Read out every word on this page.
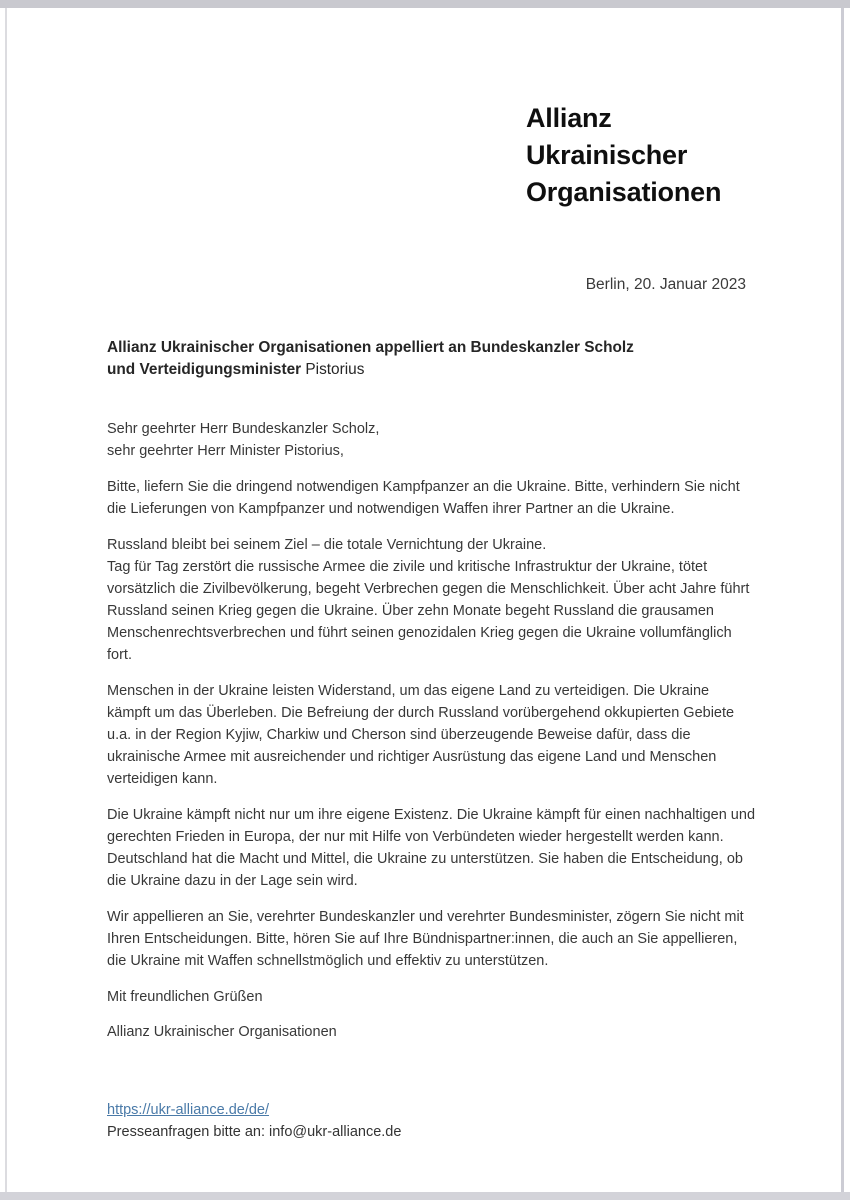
Allianz
Ukrainischer
Organisationen
Berlin, 20. Januar 2023
Allianz Ukrainischer Organisationen appelliert an Bundeskanzler Scholz
und Verteidigungsminister Pistorius
Sehr geehrter Herr Bundeskanzler Scholz,
sehr geehrter Herr Minister Pistorius,

Bitte, liefern Sie die dringend notwendigen Kampfpanzer an die Ukraine. Bitte, verhindern Sie nicht die Lieferungen von Kampfpanzer und notwendigen Waffen ihrer Partner an die Ukraine.

Russland bleibt bei seinem Ziel – die totale Vernichtung der Ukraine.
Tag für Tag zerstört die russische Armee die zivile und kritische Infrastruktur der Ukraine, tötet vorsätzlich die Zivilbevölkerung, begeht Verbrechen gegen die Menschlichkeit. Über acht Jahre führt Russland seinen Krieg gegen die Ukraine. Über zehn Monate begeht Russland die grausamen Menschenrechtsverbrechen und führt seinen genozidalen Krieg gegen die Ukraine vollumfänglich fort.

Menschen in der Ukraine leisten Widerstand, um das eigene Land zu verteidigen. Die Ukraine kämpft um das Überleben. Die Befreiung der durch Russland vorübergehend okkupierten Gebiete u.a. in der Region Kyjiw, Charkiw und Cherson sind überzeugende Beweise dafür, dass die ukrainische Armee mit ausreichender und richtiger Ausrüstung das eigene Land und Menschen verteidigen kann.

Die Ukraine kämpft nicht nur um ihre eigene Existenz. Die Ukraine kämpft für einen nachhaltigen und gerechten Frieden in Europa, der nur mit Hilfe von Verbündeten wieder hergestellt werden kann. Deutschland hat die Macht und Mittel, die Ukraine zu unterstützen. Sie haben die Entscheidung, ob die Ukraine dazu in der Lage sein wird.

Wir appellieren an Sie, verehrter Bundeskanzler und verehrter Bundesminister, zögern Sie nicht mit Ihren Entscheidungen. Bitte, hören Sie auf Ihre Bündnispartner:innen, die auch an Sie appellieren, die Ukraine mit Waffen schnellstmöglich und effektiv zu unterstützen.

Mit freundlichen Grüßen

Allianz Ukrainischer Organisationen

https://ukr-alliance.de/de/
Presseanfragen bitte an: info@ukr-alliance.de
